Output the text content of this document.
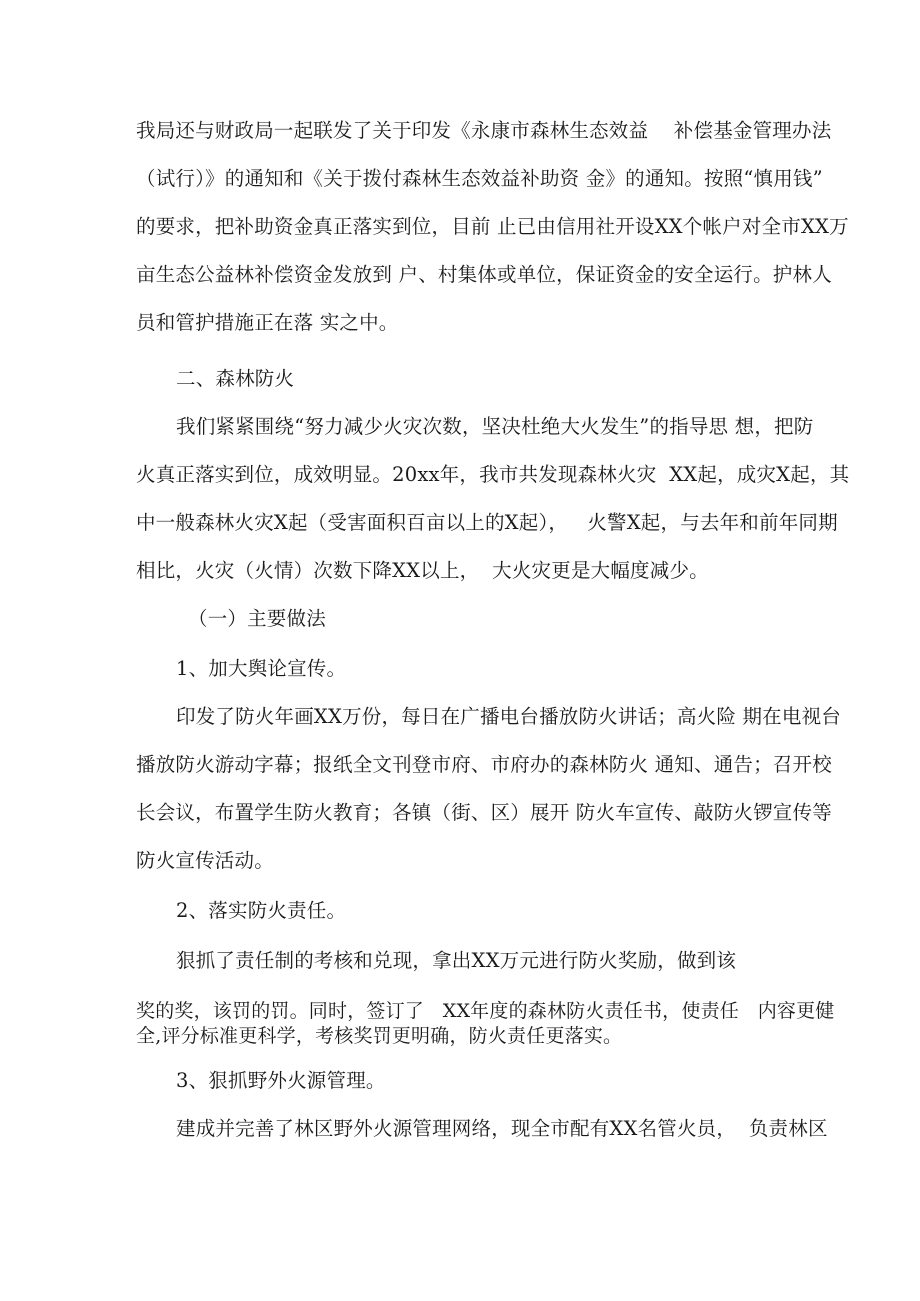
我局还与财政局一起联发了关于印发《永康市森林生态效益    补偿基金管理办法
（试行）》的通知和《关于拨付森林生态效益补助资 金》的通知。按照“慎用钱”
的要求，把补助资金真正落实到位，目前 止已由信用社开设XX个帐户对全市XX万
亩生态公益林补偿资金发放到 户、村集体或单位，保证资金的安全运行。护林人
员和管护措施正在落 实之中。
二、森林防火
我们紧紧围绕“努力减少火灾次数，坚决杜绝大火发生”的指导思 想，把防
火真正落实到位，成效明显。20xx年，我市共发现森林火灾  XX起，成灾X起，其
中一般森林火灾X起（受害面积百亩以上的X起），   火警X起，与去年和前年同期
相比，火灾（火情）次数下降XX以上，  大火灾更是大幅度减少。
（一）主要做法
1、加大舆论宣传。
印发了防火年画XX万份，每日在广播电台播放防火讲话；高火险 期在电视台
播放防火游动字幕；报纸全文刊登市府、市府办的森林防火 通知、通告；召开校
长会议，布置学生防火教育；各镇（街、区）展开 防火车宣传、敲防火锣宣传等
防火宣传活动。
2、落实防火责任。
狠抓了责任制的考核和兑现，拿出XX万元进行防火奖励，做到该
奖的奖，该罚的罚。同时，签订了   XX年度的森林防火责任书，使责任   内容更健
全,评分标准更科学，考核奖罚更明确，防火责任更落实。
3、狠抓野外火源管理。
建成并完善了林区野外火源管理网络，现全市配有XX名管火员，  负责林区
